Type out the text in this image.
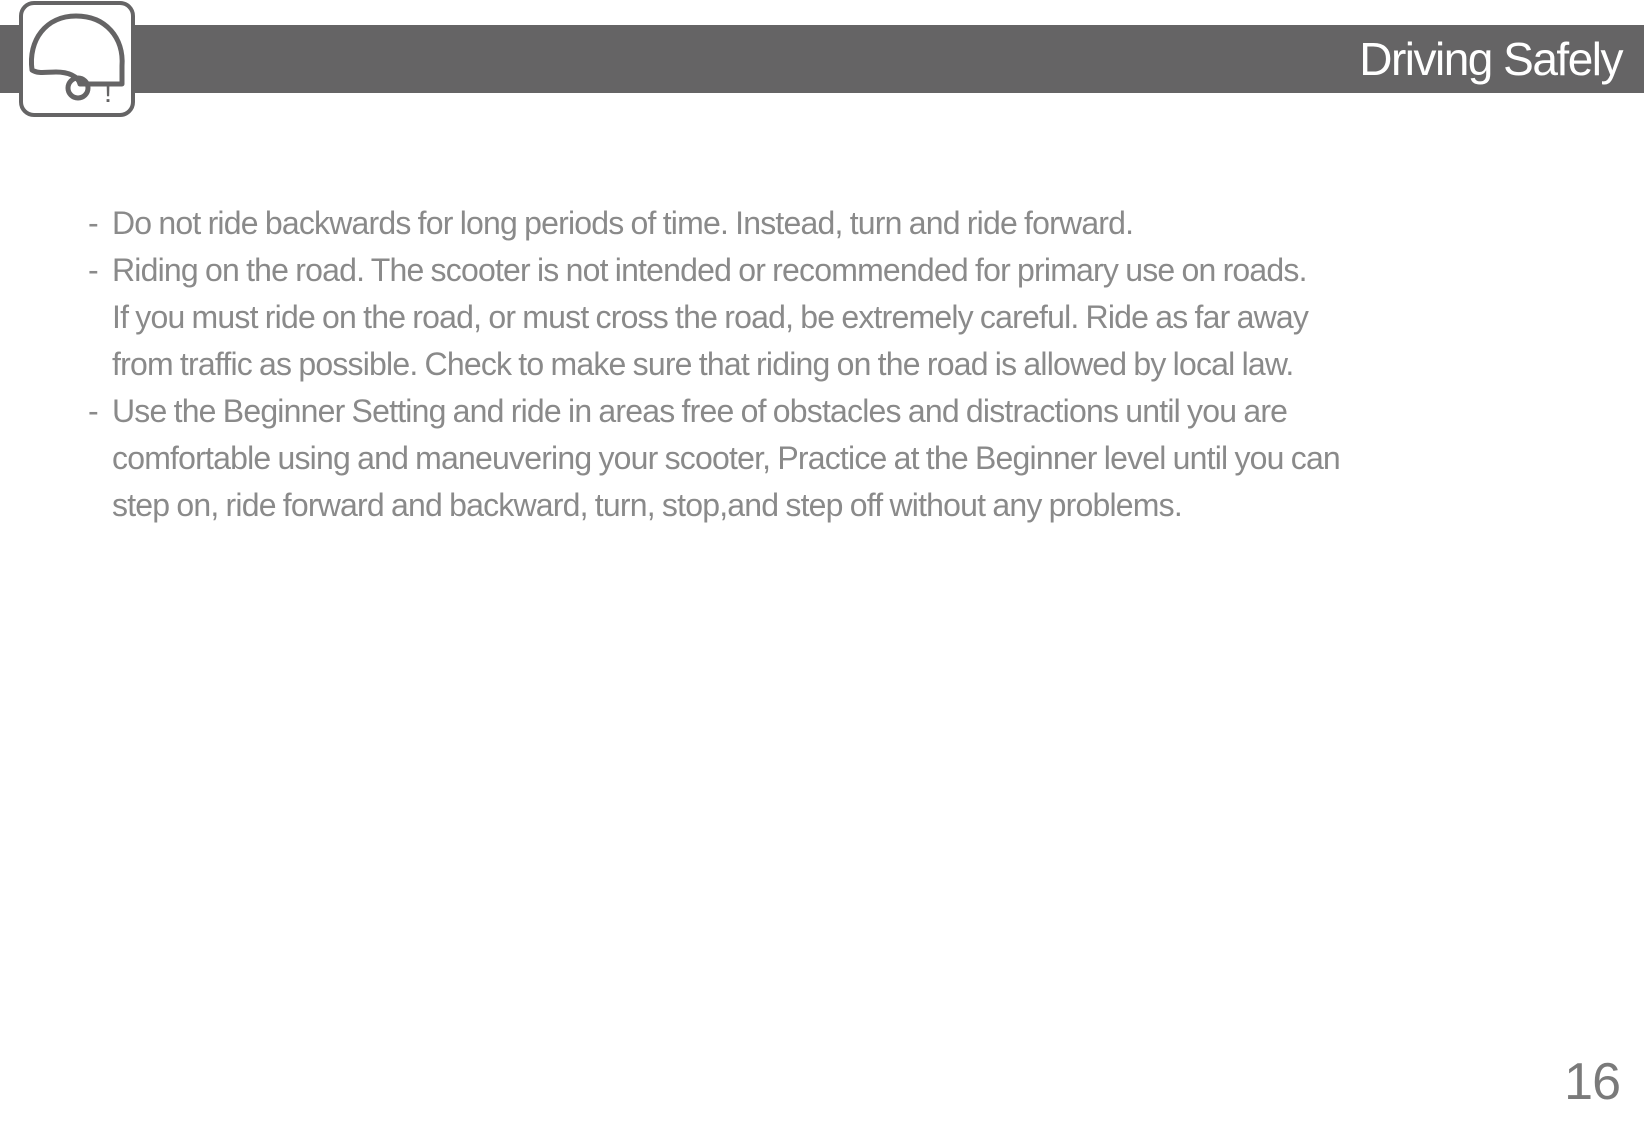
Driving Safely
!
- Do not ride backwards for long periods of time. Instead, turn and ride forward.
- Riding on the road. The scooter is not intended or recommended for primary use on roads.
If you must ride on the road, or must cross the road, be extremely careful. Ride as far away
from traffic as possible. Check to make sure that riding on the road is allowed by local law.
- Use the Beginner Setting and ride in areas free of obstacles and distractions until you are
comfortable using and maneuvering your scooter, Practice at the Beginner level until you can
step on, ride forward and backward, turn, stop,and step off without any problems.
16
